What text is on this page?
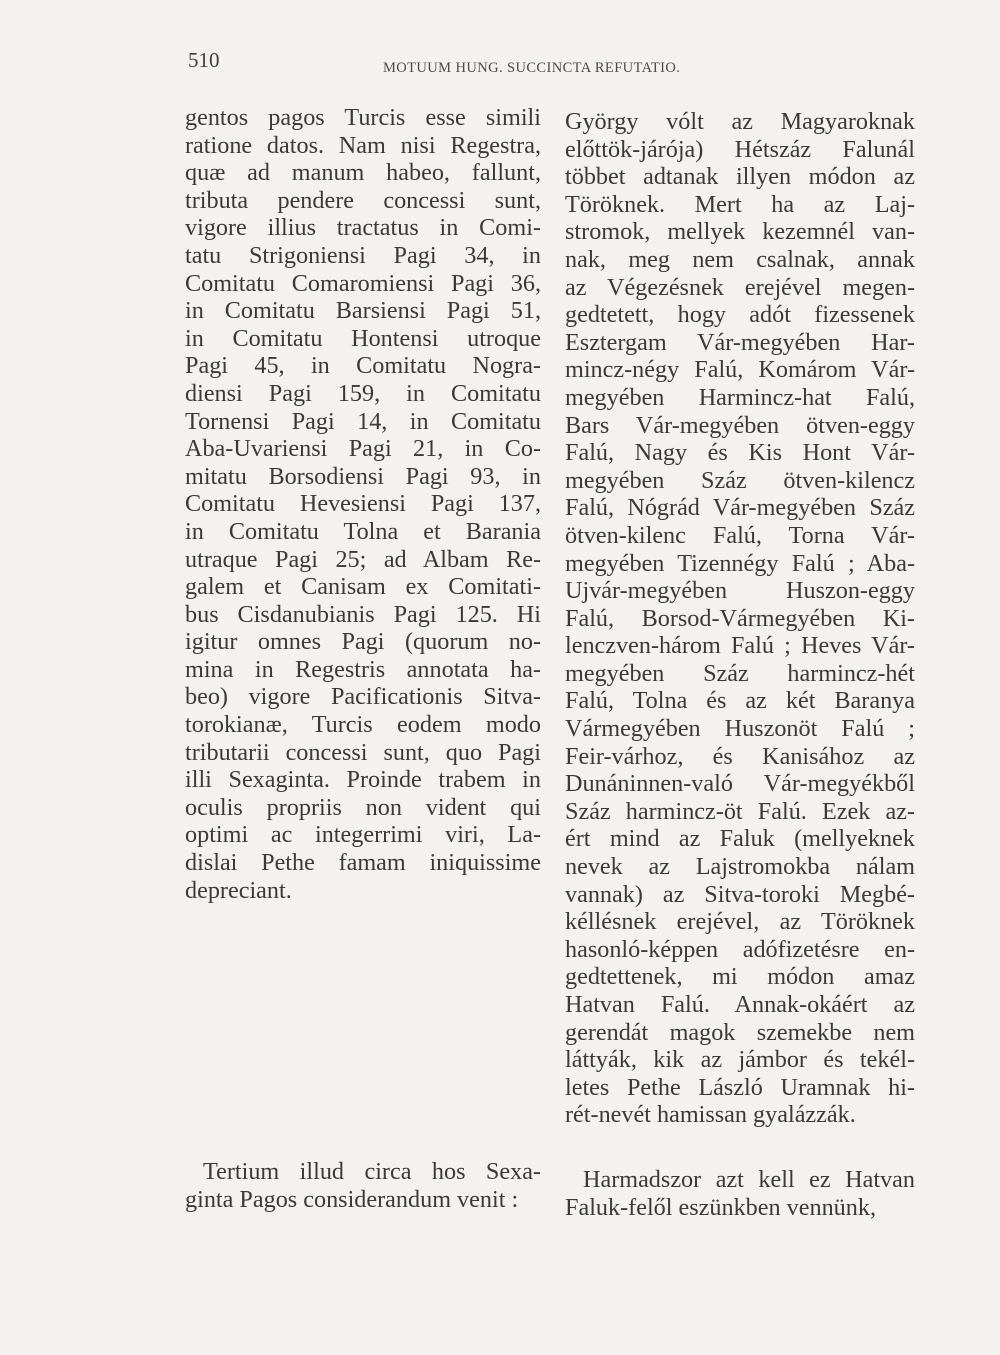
510	MOTUUM HUNG. SUCCINCTA REFUTATIO.
gentos pagos Turcis esse simili
ratione datos. Nam nisi Regestra,
quæ ad manum habeo, fallunt,
tributa pendere concessi sunt,
vigore illius tractatus in Comi-
tatu Strigoniensi Pagi 34, in
Comitatu Comaromiensi Pagi 36,
in Comitatu Barsiensi Pagi 51,
in Comitatu Hontensi utroque
Pagi 45, in Comitatu Nogra-
diensi Pagi 159, in Comitatu
Tornensi Pagi 14, in Comitatu
Aba-Uvariensi Pagi 21, in Co-
mitatu Borsodiensi Pagi 93, in
Comitatu Hevesiensi Pagi 137,
in Comitatu Tolna et Barania
utraque Pagi 25; ad Albam Re-
galem et Canisam ex Comitati-
bus Cisdanubianis Pagi 125. Hi
igitur omnes Pagi (quorum no-
mina in Regestris annotata ha-
beo) vigore Pacificationis Sitva-
torokianæ, Turcis eodem modo
tributarii concessi sunt, quo Pagi
illi Sexaginta. Proinde trabem in
oculis propriis non vident qui
optimi ac integerrimi viri, La-
dislai Pethe famam iniquissime
depreciant.
Tertium illud circa hos Sexa-
ginta Pagos considerandum venit :
György vólt az Magyaroknak
előttök-járója) Hétszáz Falunál
többet adtanak illyen módon az
Töröknek. Mert ha az Laj-
stromok, mellyek kezemnél van-
nak, meg nem csalnak, annak
az Végezésnek erejével megen-
gedtetett, hogy adót fizessenek
Esztergam Vár-megyében Har-
mincz-négy Falú, Komárom Vár-
megyében Harmincz-hat Falú,
Bars Vár-megyében ötven-eggy
Falú, Nagy és Kis Hont Vár-
megyében Száz ötven-kilencz
Falú, Nógrád Vár-megyében Száz
ötven-kilenc Falú, Torna Vár-
megyében Tizennégy Falú ; Aba-
Ujvár-megyében Huszon-eggy
Falú, Borsod-Vármegyében Ki-
lenczven-három Falú ; Heves Vár-
megyében Száz harmincz-hét
Falú, Tolna és az két Baranya
Vármegyében Huszonöt Falú ;
Feir-várhoz, és Kanisához az
Dunáninnen-való Vár-megyékből
Száz harmincz-öt Falú. Ezek az-
ért mind az Faluk (mellyeknek
nevek az Lajstromokba nálam
vannak) az Sitva-toroki Megbé-
kéllésnek erejével, az Töröknek
hasonló-képpen adófizetésre en-
gedtettenek, mi módon amaz
Hatvan Falú. Annak-okáért az
gerendát magok szemekbe nem
láttyák, kik az jámbor és tekél-
letes Pethe László Uramnak hi-
rét-nevét hamissan gyalázzák.
Harmadszor azt kell ez Hatvan
Faluk-felől eszünkben vennünk,
